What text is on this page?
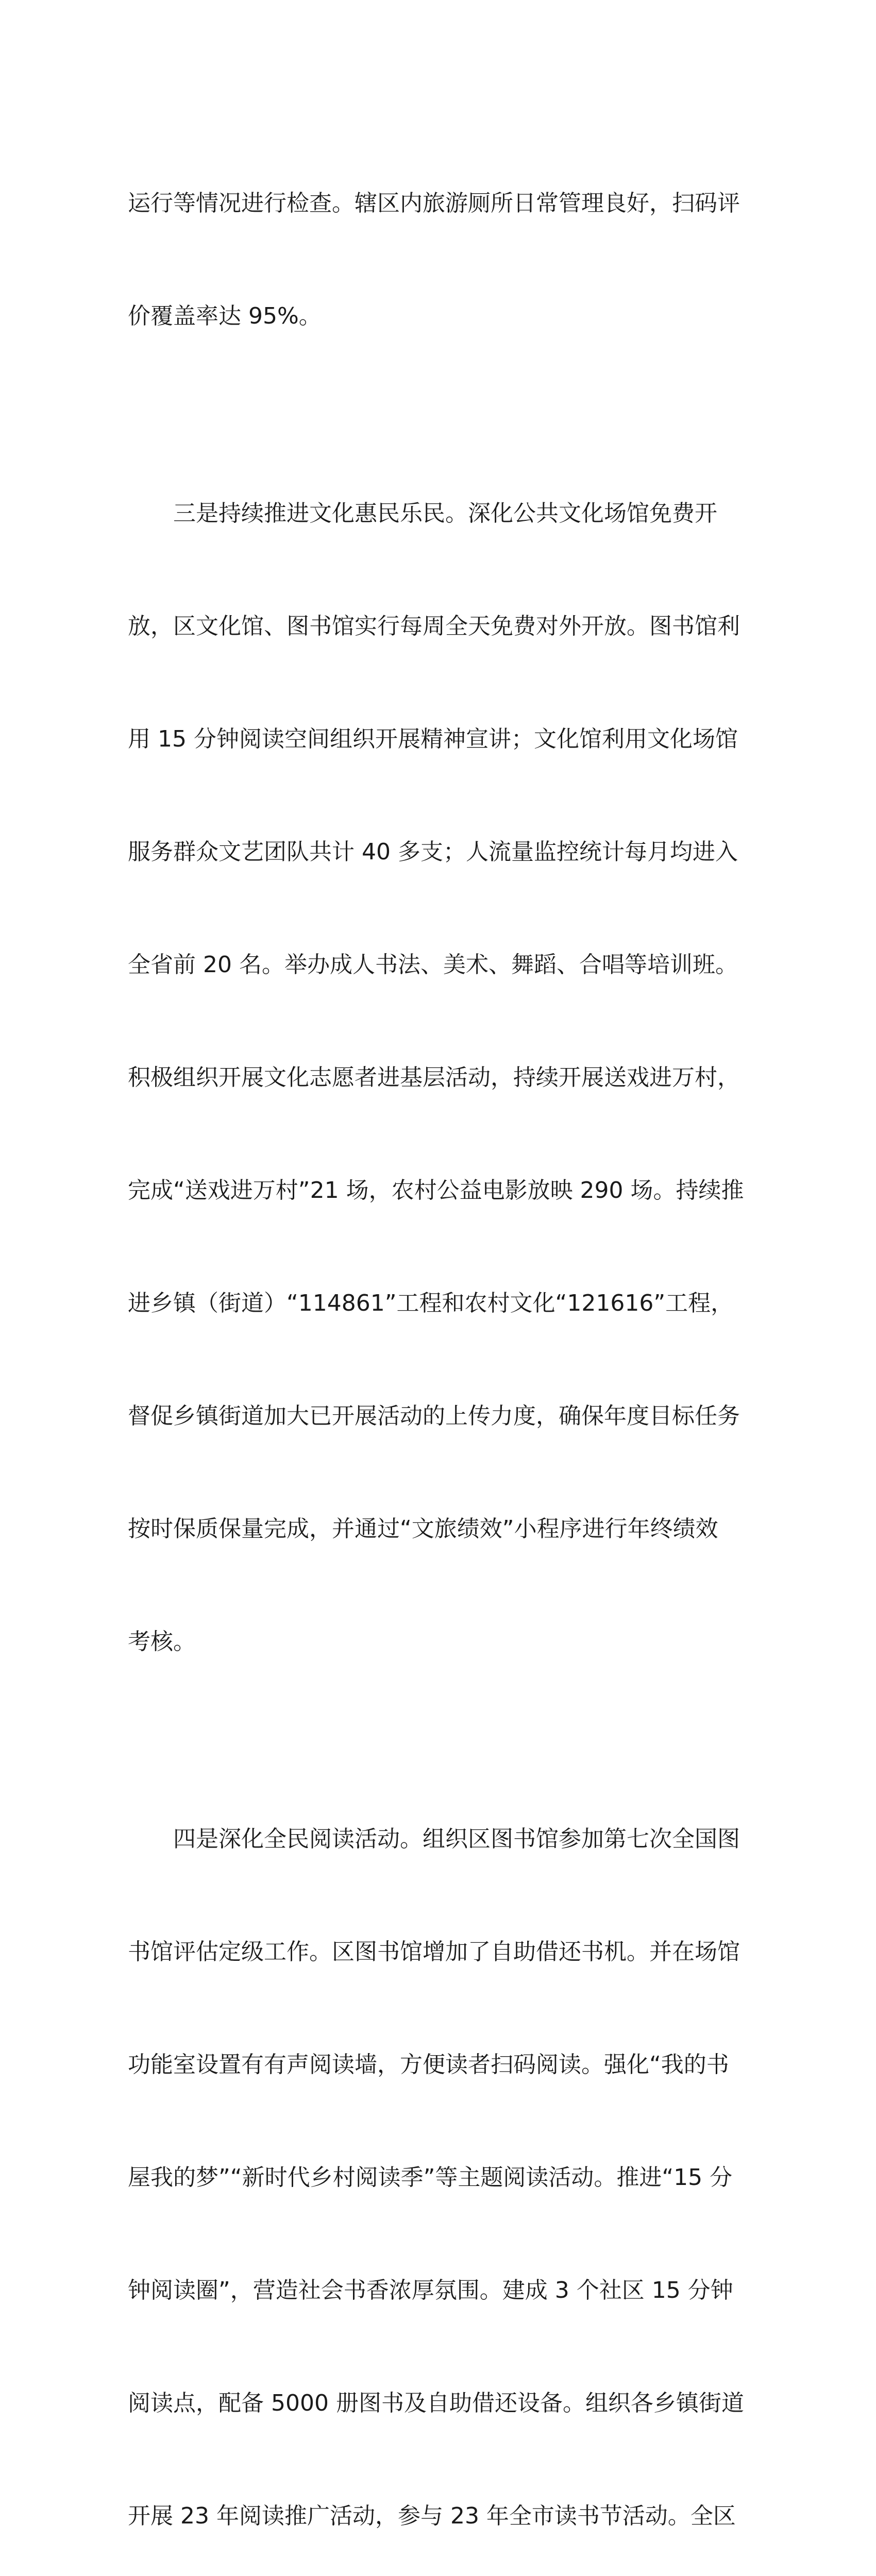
运行等情况进行检查。辖区内旅游厕所日常管理良好，扫码评

价覆盖率达 95%。

三是持续推进文化惠民乐民。深化公共文化场馆免费开

放，区文化馆、图书馆实行每周全天免费对外开放。图书馆利

用 15 分钟阅读空间组织开展精神宣讲；文化馆利用文化场馆

服务群众文艺团队共计 40 多支；人流量监控统计每月均进入

全省前 20 名。举办成人书法、美术、舞蹈、合唱等培训班。

积极组织开展文化志愿者进基层活动，持续开展送戏进万村，

完成“送戏进万村”21 场，农村公益电影放映 290 场。持续推

进乡镇（街道）“114861”工程和农村文化“121616”工程，

督促乡镇街道加大已开展活动的上传力度，确保年度目标任务

按时保质保量完成，并通过“文旅绩效”小程序进行年终绩效

考核。

四是深化全民阅读活动。组织区图书馆参加第七次全国图

书馆评估定级工作。区图书馆增加了自助借还书机。并在场馆

功能室设置有有声阅读墙，方便读者扫码阅读。强化“我的书

屋我的梦”“新时代乡村阅读季”等主题阅读活动。推进“15 分

钟阅读圈”，营造社会书香浓厚氛围。建成 3 个社区 15 分钟

阅读点，配备 5000 册图书及自助借还设备。组织各乡镇街道

开展 23 年阅读推广活动，参与 23 年全市读书节活动。全区
